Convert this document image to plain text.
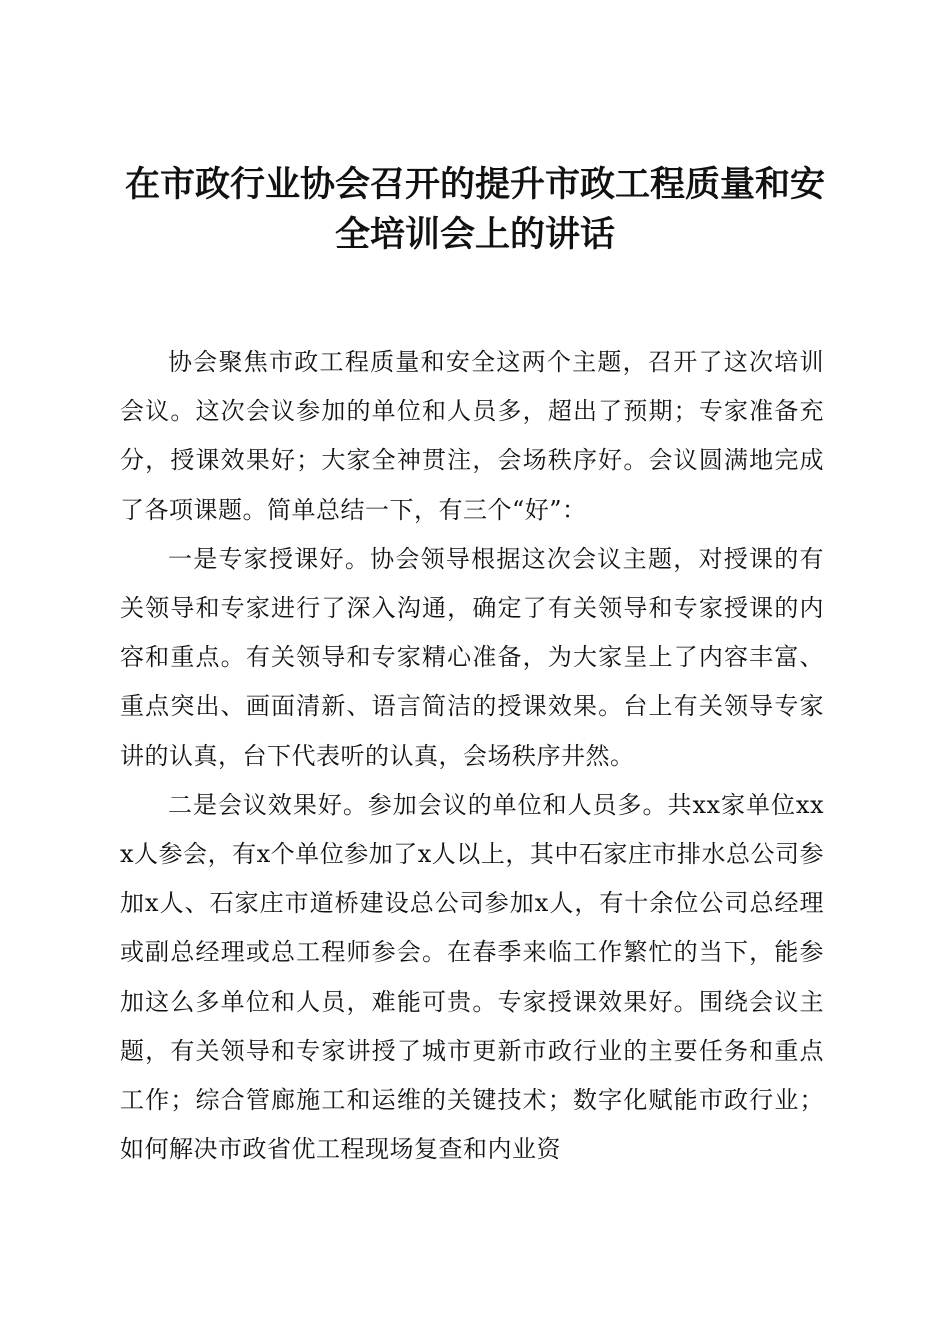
在市政行业协会召开的提升市政工程质量和安全培训会上的讲话

协会聚焦市政工程质量和安全这两个主题，召开了这次培训会议。这次会议参加的单位和人员多，超出了预期；专家准备充分，授课效果好；大家全神贯注，会场秩序好。会议圆满地完成了各项课题。简单总结一下，有三个“好”：

一是专家授课好。协会领导根据这次会议主题，对授课的有关领导和专家进行了深入沟通，确定了有关领导和专家授课的内容和重点。有关领导和专家精心准备，为大家呈上了内容丰富、重点突出、画面清新、语言简洁的授课效果。台上有关领导专家讲的认真，台下代表听的认真，会场秩序井然。

二是会议效果好。参加会议的单位和人员多。共xx家单位xxx人参会，有x个单位参加了x人以上，其中石家庄市排水总公司参加x人、石家庄市道桥建设总公司参加x人，有十余位公司总经理或副总经理或总工程师参会。在春季来临工作繁忙的当下，能参加这么多单位和人员，难能可贵。专家授课效果好。围绕会议主题，有关领导和专家讲授了城市更新市政行业的主要任务和重点工作；综合管廊施工和运维的关键技术；数字化赋能市政行业；如何解决市政省优工程现场复查和内业资
